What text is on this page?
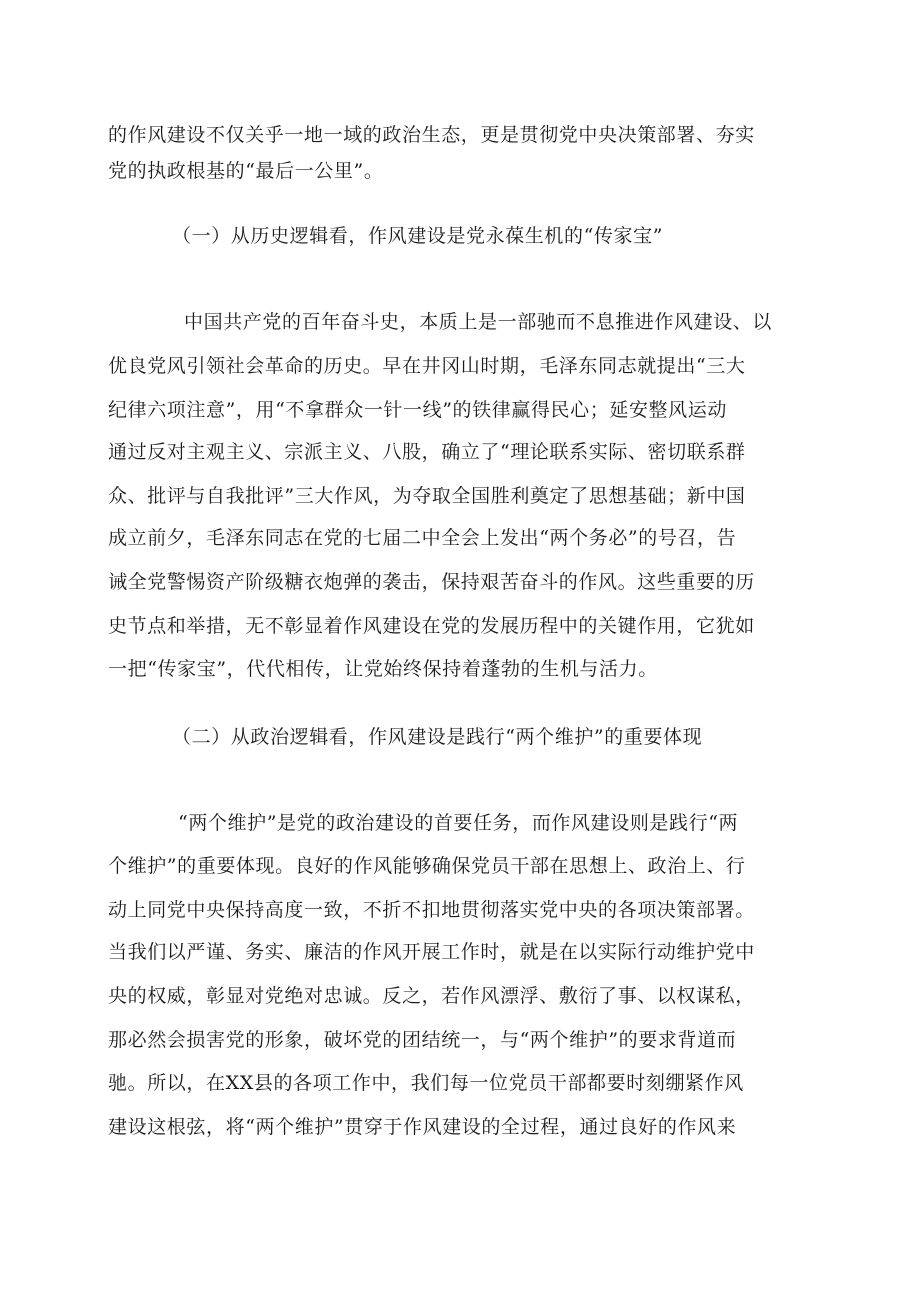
的作风建设不仅关乎一地一域的政治生态，更是贯彻党中央决策部署、夯实
党的执政根基的“最后一公里”。
（一）从历史逻辑看，作风建设是党永葆生机的“传家宝”
中国共产党的百年奋斗史，本质上是一部驰而不息推进作风建设、以
优良党风引领社会革命的历史。早在井冈山时期，毛泽东同志就提出“三大
纪律六项注意”，用“不拿群众一针一线”的铁律赢得民心；延安整风运动
通过反对主观主义、宗派主义、八股，确立了“理论联系实际、密切联系群
众、批评与自我批评”三大作风，为夺取全国胜利奠定了思想基础；新中国
成立前夕，毛泽东同志在党的七届二中全会上发出“两个务必”的号召，告
诫全党警惕资产阶级糖衣炮弹的袭击，保持艰苦奋斗的作风。这些重要的历
史节点和举措，无不彰显着作风建设在党的发展历程中的关键作用，它犹如
一把“传家宝”，代代相传，让党始终保持着蓬勃的生机与活力。
（二）从政治逻辑看，作风建设是践行“两个维护”的重要体现
“两个维护”是党的政治建设的首要任务，而作风建设则是践行“两
个维护”的重要体现。良好的作风能够确保党员干部在思想上、政治上、行
动上同党中央保持高度一致，不折不扣地贯彻落实党中央的各项决策部署。
当我们以严谨、务实、廉洁的作风开展工作时，就是在以实际行动维护党中
央的权威，彰显对党绝对忠诚。反之，若作风漂浮、敷衍了事、以权谋私，
那必然会损害党的形象，破坏党的团结统一，与“两个维护”的要求背道而
驰。所以，在XX县的各项工作中，我们每一位党员干部都要时刻绷紧作风
建设这根弦，将“两个维护”贯穿于作风建设的全过程，通过良好的作风来
